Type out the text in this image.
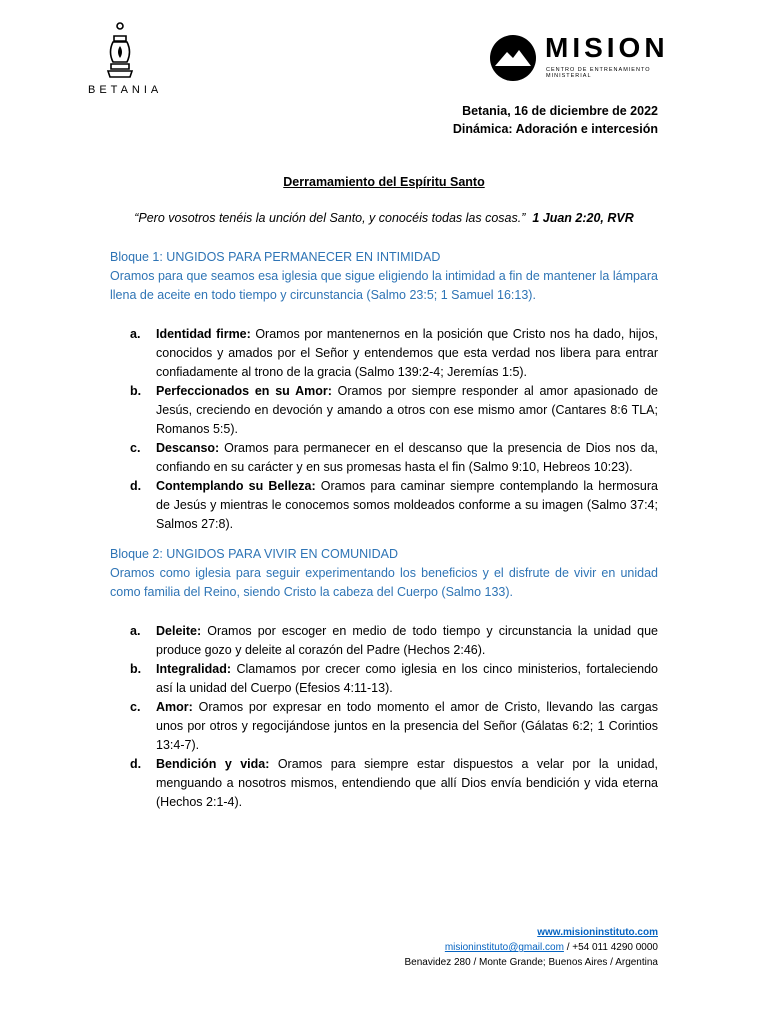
BETANIA
MISION
CENTRO DE ENTRENAMIENTO MINISTERIAL
Betania, 16 de diciembre de 2022
Dinámica: Adoración e intercesión
Derramamiento del Espíritu Santo
“Pero vosotros tenéis la unción del Santo, y conocéis todas las cosas.” 1 Juan 2:20, RVR
Bloque 1: UNGIDOS PARA PERMANECER EN INTIMIDAD
Oramos para que seamos esa iglesia que sigue eligiendo la intimidad a fin de mantener la lámpara llena de aceite en todo tiempo y circunstancia (Salmo 23:5; 1 Samuel 16:13).
a. Identidad firme: Oramos por mantenernos en la posición que Cristo nos ha dado, hijos, conocidos y amados por el Señor y entendemos que esta verdad nos libera para entrar confiadamente al trono de la gracia (Salmo 139:2-4; Jeremías 1:5).
b. Perfeccionados en su Amor: Oramos por siempre responder al amor apasionado de Jesús, creciendo en devoción y amando a otros con ese mismo amor (Cantares 8:6 TLA; Romanos 5:5).
c. Descanso: Oramos para permanecer en el descanso que la presencia de Dios nos da, confiando en su carácter y en sus promesas hasta el fin (Salmo 9:10, Hebreos 10:23).
d. Contemplando su Belleza: Oramos para caminar siempre contemplando la hermosura de Jesús y mientras le conocemos somos moldeados conforme a su imagen (Salmo 37:4; Salmos 27:8).
Bloque 2: UNGIDOS PARA VIVIR EN COMUNIDAD
Oramos como iglesia para seguir experimentando los beneficios y el disfrute de vivir en unidad como familia del Reino, siendo Cristo la cabeza del Cuerpo (Salmo 133).
a. Deleite: Oramos por escoger en medio de todo tiempo y circunstancia la unidad que produce gozo y deleite al corazón del Padre (Hechos 2:46).
b. Integralidad: Clamamos por crecer como iglesia en los cinco ministerios, fortaleciendo así la unidad del Cuerpo (Efesios 4:11-13).
c. Amor: Oramos por expresar en todo momento el amor de Cristo, llevando las cargas unos por otros y regocijándose juntos en la presencia del Señor (Gálatas 6:2; 1 Corintios 13:4-7).
d. Bendición y vida: Oramos para siempre estar dispuestos a velar por la unidad, menguando a nosotros mismos, entendiendo que allí Dios envía bendición y vida eterna (Hechos 2:1-4).
www.misioninstituto.com
misioninstituto@gmail.com / +54 011 4290 0000
Benavidez 280 / Monte Grande; Buenos Aires / Argentina
